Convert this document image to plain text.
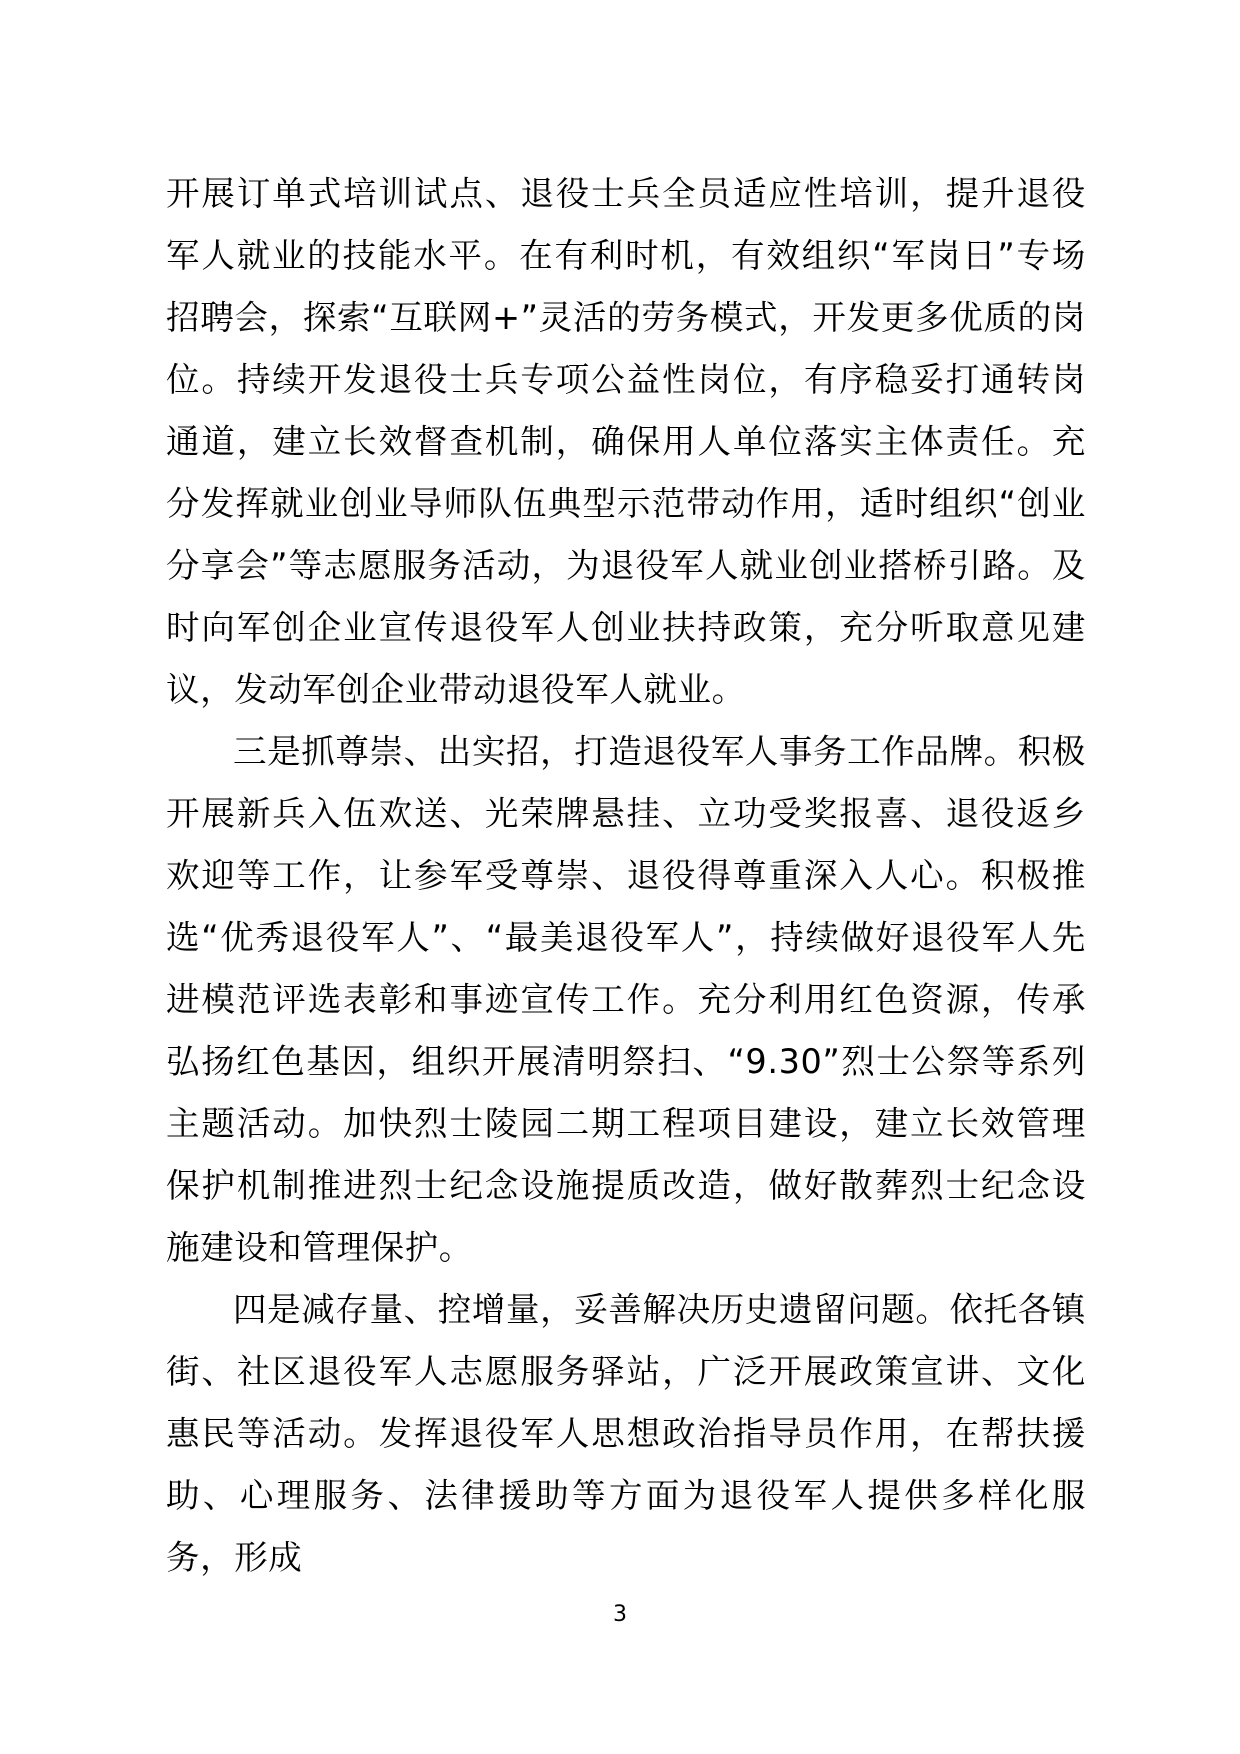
开展订单式培训试点、退役士兵全员适应性培训，提升退役军人就业的技能水平。在有利时机，有效组织“军岗日”专场招聘会，探索“互联网+”灵活的劳务模式，开发更多优质的岗位。持续开发退役士兵专项公益性岗位，有序稳妥打通转岗通道，建立长效督查机制，确保用人单位落实主体责任。充分发挥就业创业导师队伍典型示范带动作用，适时组织“创业分享会”等志愿服务活动，为退役军人就业创业搭桥引路。及时向军创企业宣传退役军人创业扶持政策，充分听取意见建议，发动军创企业带动退役军人就业。

三是抓尊崇、出实招，打造退役军人事务工作品牌。积极开展新兵入伍欢送、光荣牌悬挂、立功受奖报喜、退役返乡欢迎等工作，让参军受尊崇、退役得尊重深入人心。积极推选“优秀退役军人”、“最美退役军人”，持续做好退役军人先进模范评选表彰和事迹宣传工作。充分利用红色资源，传承弘扬红色基因，组织开展清明祭扫、“9.30”烈士公祭等系列主题活动。加快烈士陵园二期工程项目建设，建立长效管理保护机制推进烈士纪念设施提质改造，做好散葬烈士纪念设施建设和管理保护。

四是减存量、控增量，妥善解决历史遗留问题。依托各镇街、社区退役军人志愿服务驿站，广泛开展政策宣讲、文化惠民等活动。发挥退役军人思想政治指导员作用，在帮扶援助、心理服务、法律援助等方面为退役军人提供多样化服务，形成

3
